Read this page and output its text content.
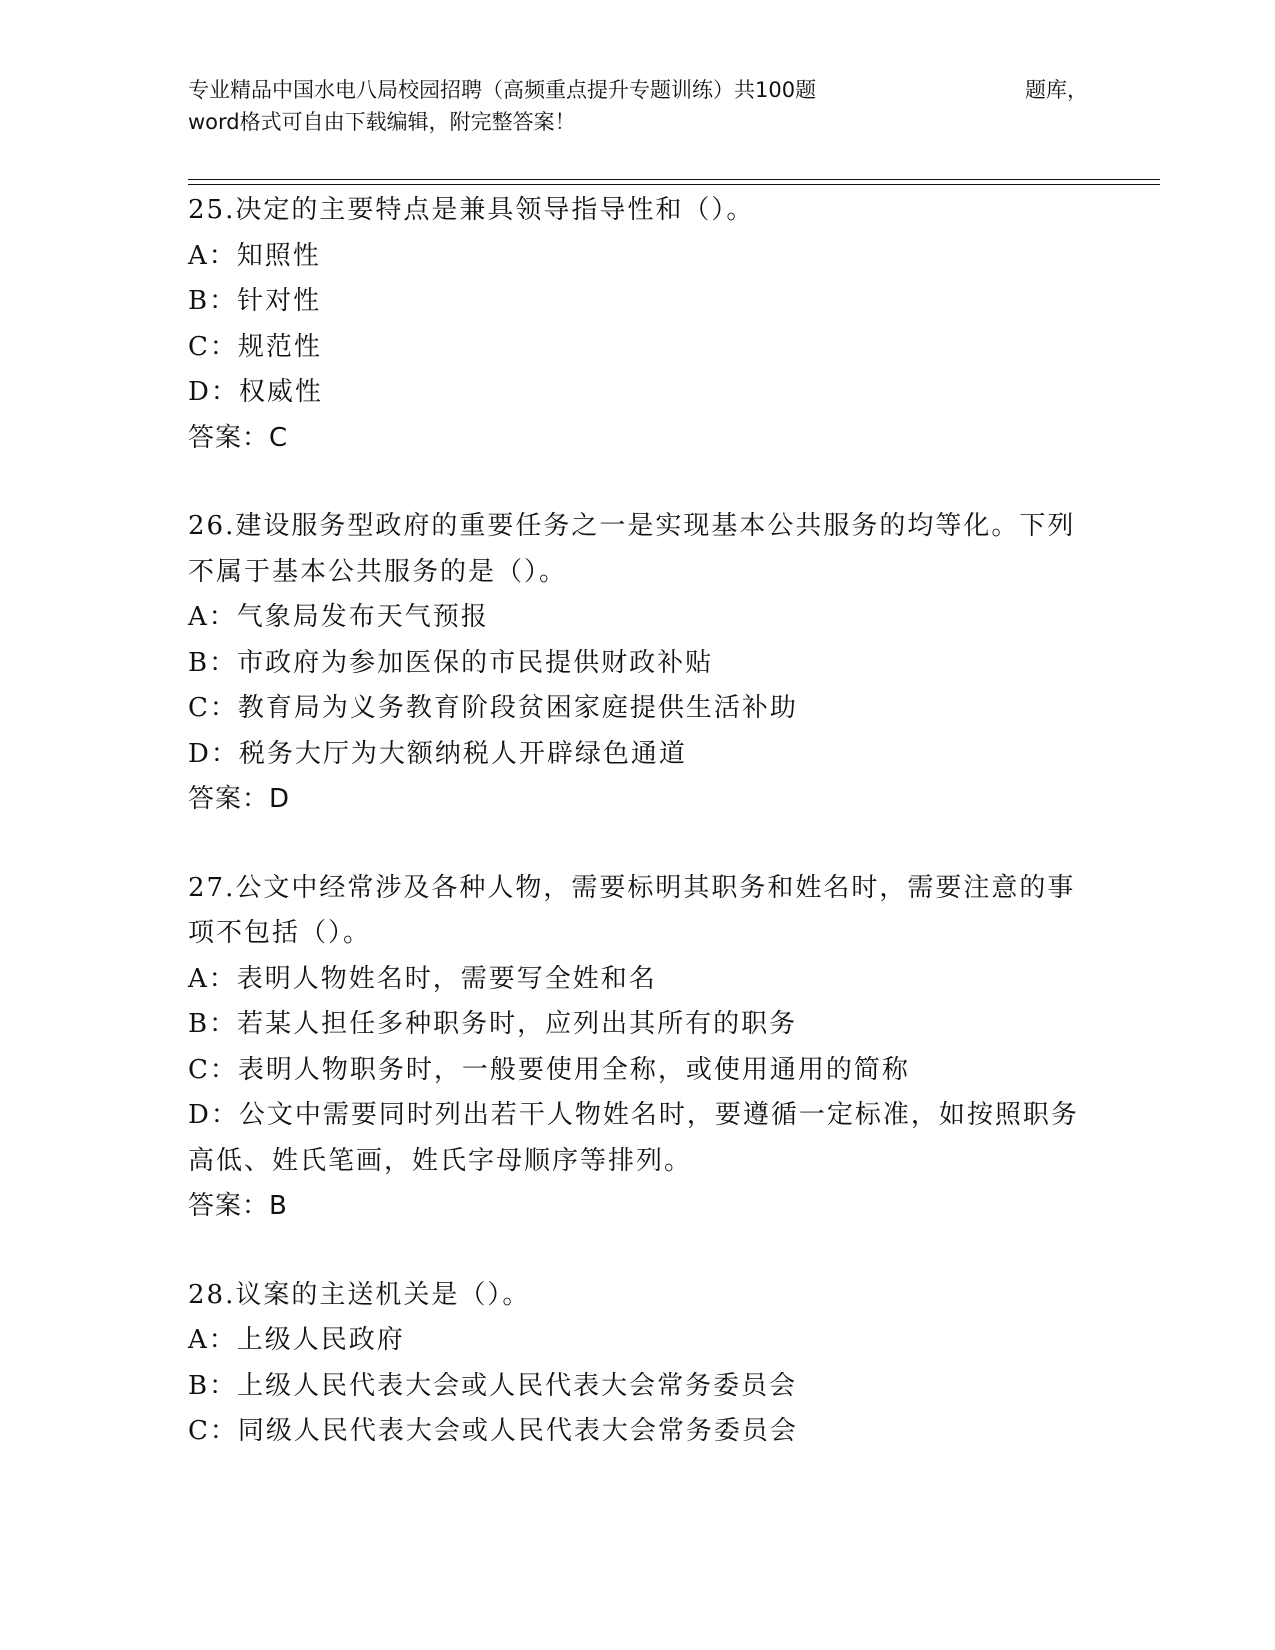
专业精品中国水电八局校园招聘（高频重点提升专题训练）共100题	题库，
word格式可自由下载编辑，附完整答案！

25.决定的主要特点是兼具领导指导性和（）。

A：知照性

B：针对性

C：规范性

D：权威性

答案：C

26.建设服务型政府的重要任务之一是实现基本公共服务的均等化。下列不属于基本公共服务的是（）。

A：气象局发布天气预报

B：市政府为参加医保的市民提供财政补贴

C：教育局为义务教育阶段贫困家庭提供生活补助

D：税务大厅为大额纳税人开辟绿色通道

答案：D

27.公文中经常涉及各种人物，需要标明其职务和姓名时，需要注意的事项不包括（）。

A：表明人物姓名时，需要写全姓和名

B：若某人担任多种职务时，应列出其所有的职务

C：表明人物职务时，一般要使用全称，或使用通用的简称

D：公文中需要同时列出若干人物姓名时，要遵循一定标准，如按照职务高低、姓氏笔画，姓氏字母顺序等排列。

答案：B

28.议案的主送机关是（）。

A：上级人民政府

B：上级人民代表大会或人民代表大会常务委员会

C：同级人民代表大会或人民代表大会常务委员会
